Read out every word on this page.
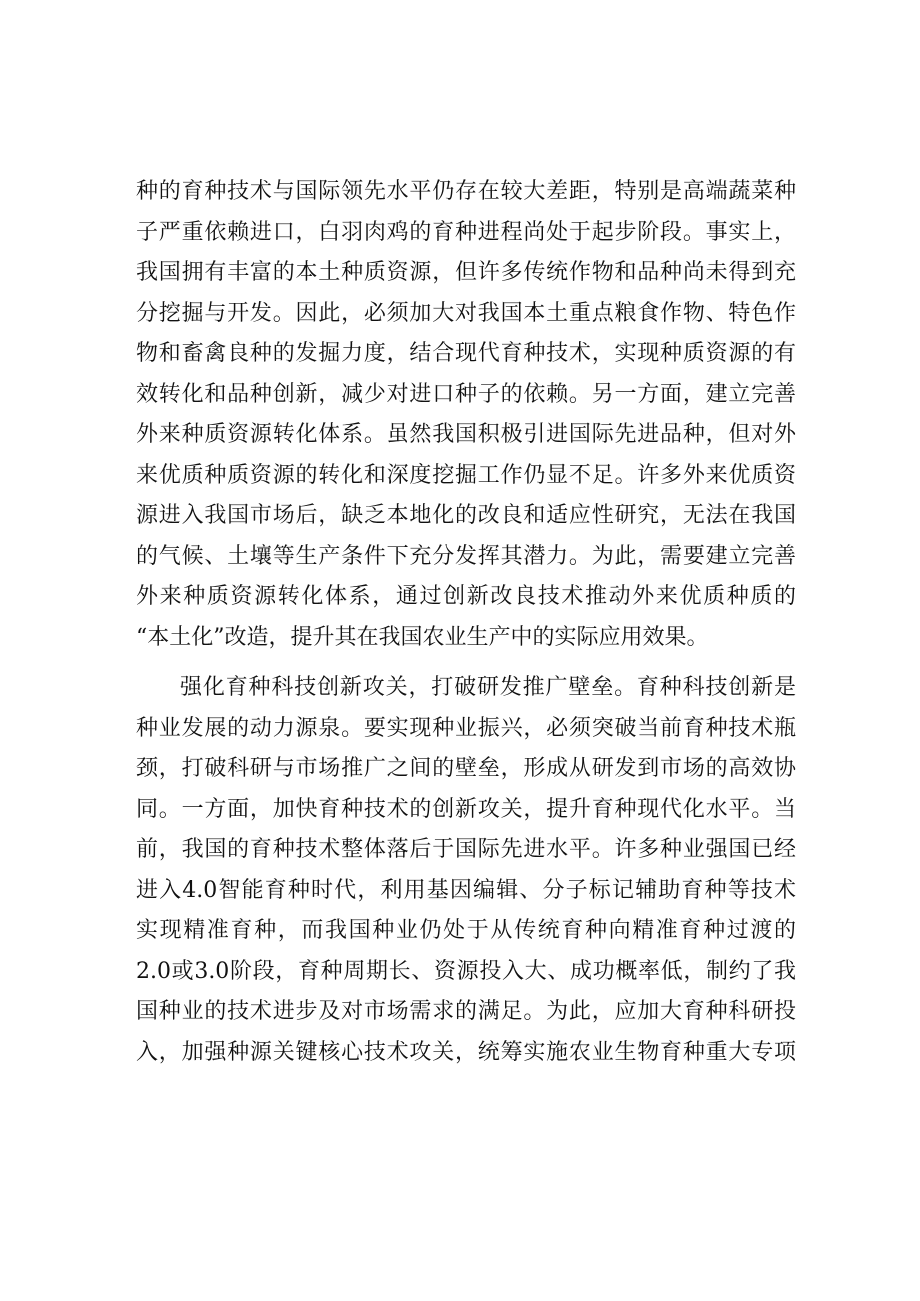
种的育种技术与国际领先水平仍存在较大差距，特别是高端蔬菜种
子严重依赖进口，白羽肉鸡的育种进程尚处于起步阶段。事实上，
我国拥有丰富的本土种质资源，但许多传统作物和品种尚未得到充
分挖掘与开发。因此，必须加大对我国本土重点粮食作物、特色作
物和畜禽良种的发掘力度，结合现代育种技术，实现种质资源的有
效转化和品种创新，减少对进口种子的依赖。另一方面，建立完善
外来种质资源转化体系。虽然我国积极引进国际先进品种，但对外
来优质种质资源的转化和深度挖掘工作仍显不足。许多外来优质资
源进入我国市场后，缺乏本地化的改良和适应性研究，无法在我国
的气候、土壤等生产条件下充分发挥其潜力。为此，需要建立完善
外来种质资源转化体系，通过创新改良技术推动外来优质种质的
“本土化”改造，提升其在我国农业生产中的实际应用效果。
强化育种科技创新攻关，打破研发推广壁垒。育种科技创新是
种业发展的动力源泉。要实现种业振兴，必须突破当前育种技术瓶
颈，打破科研与市场推广之间的壁垒，形成从研发到市场的高效协
同。一方面，加快育种技术的创新攻关，提升育种现代化水平。当
前，我国的育种技术整体落后于国际先进水平。许多种业强国已经
进入4.0智能育种时代，利用基因编辑、分子标记辅助育种等技术
实现精准育种，而我国种业仍处于从传统育种向精准育种过渡的
2.0或3.0阶段，育种周期长、资源投入大、成功概率低，制约了我
国种业的技术进步及对市场需求的满足。为此，应加大育种科研投
入，加强种源关键核心技术攻关，统筹实施农业生物育种重大专项
